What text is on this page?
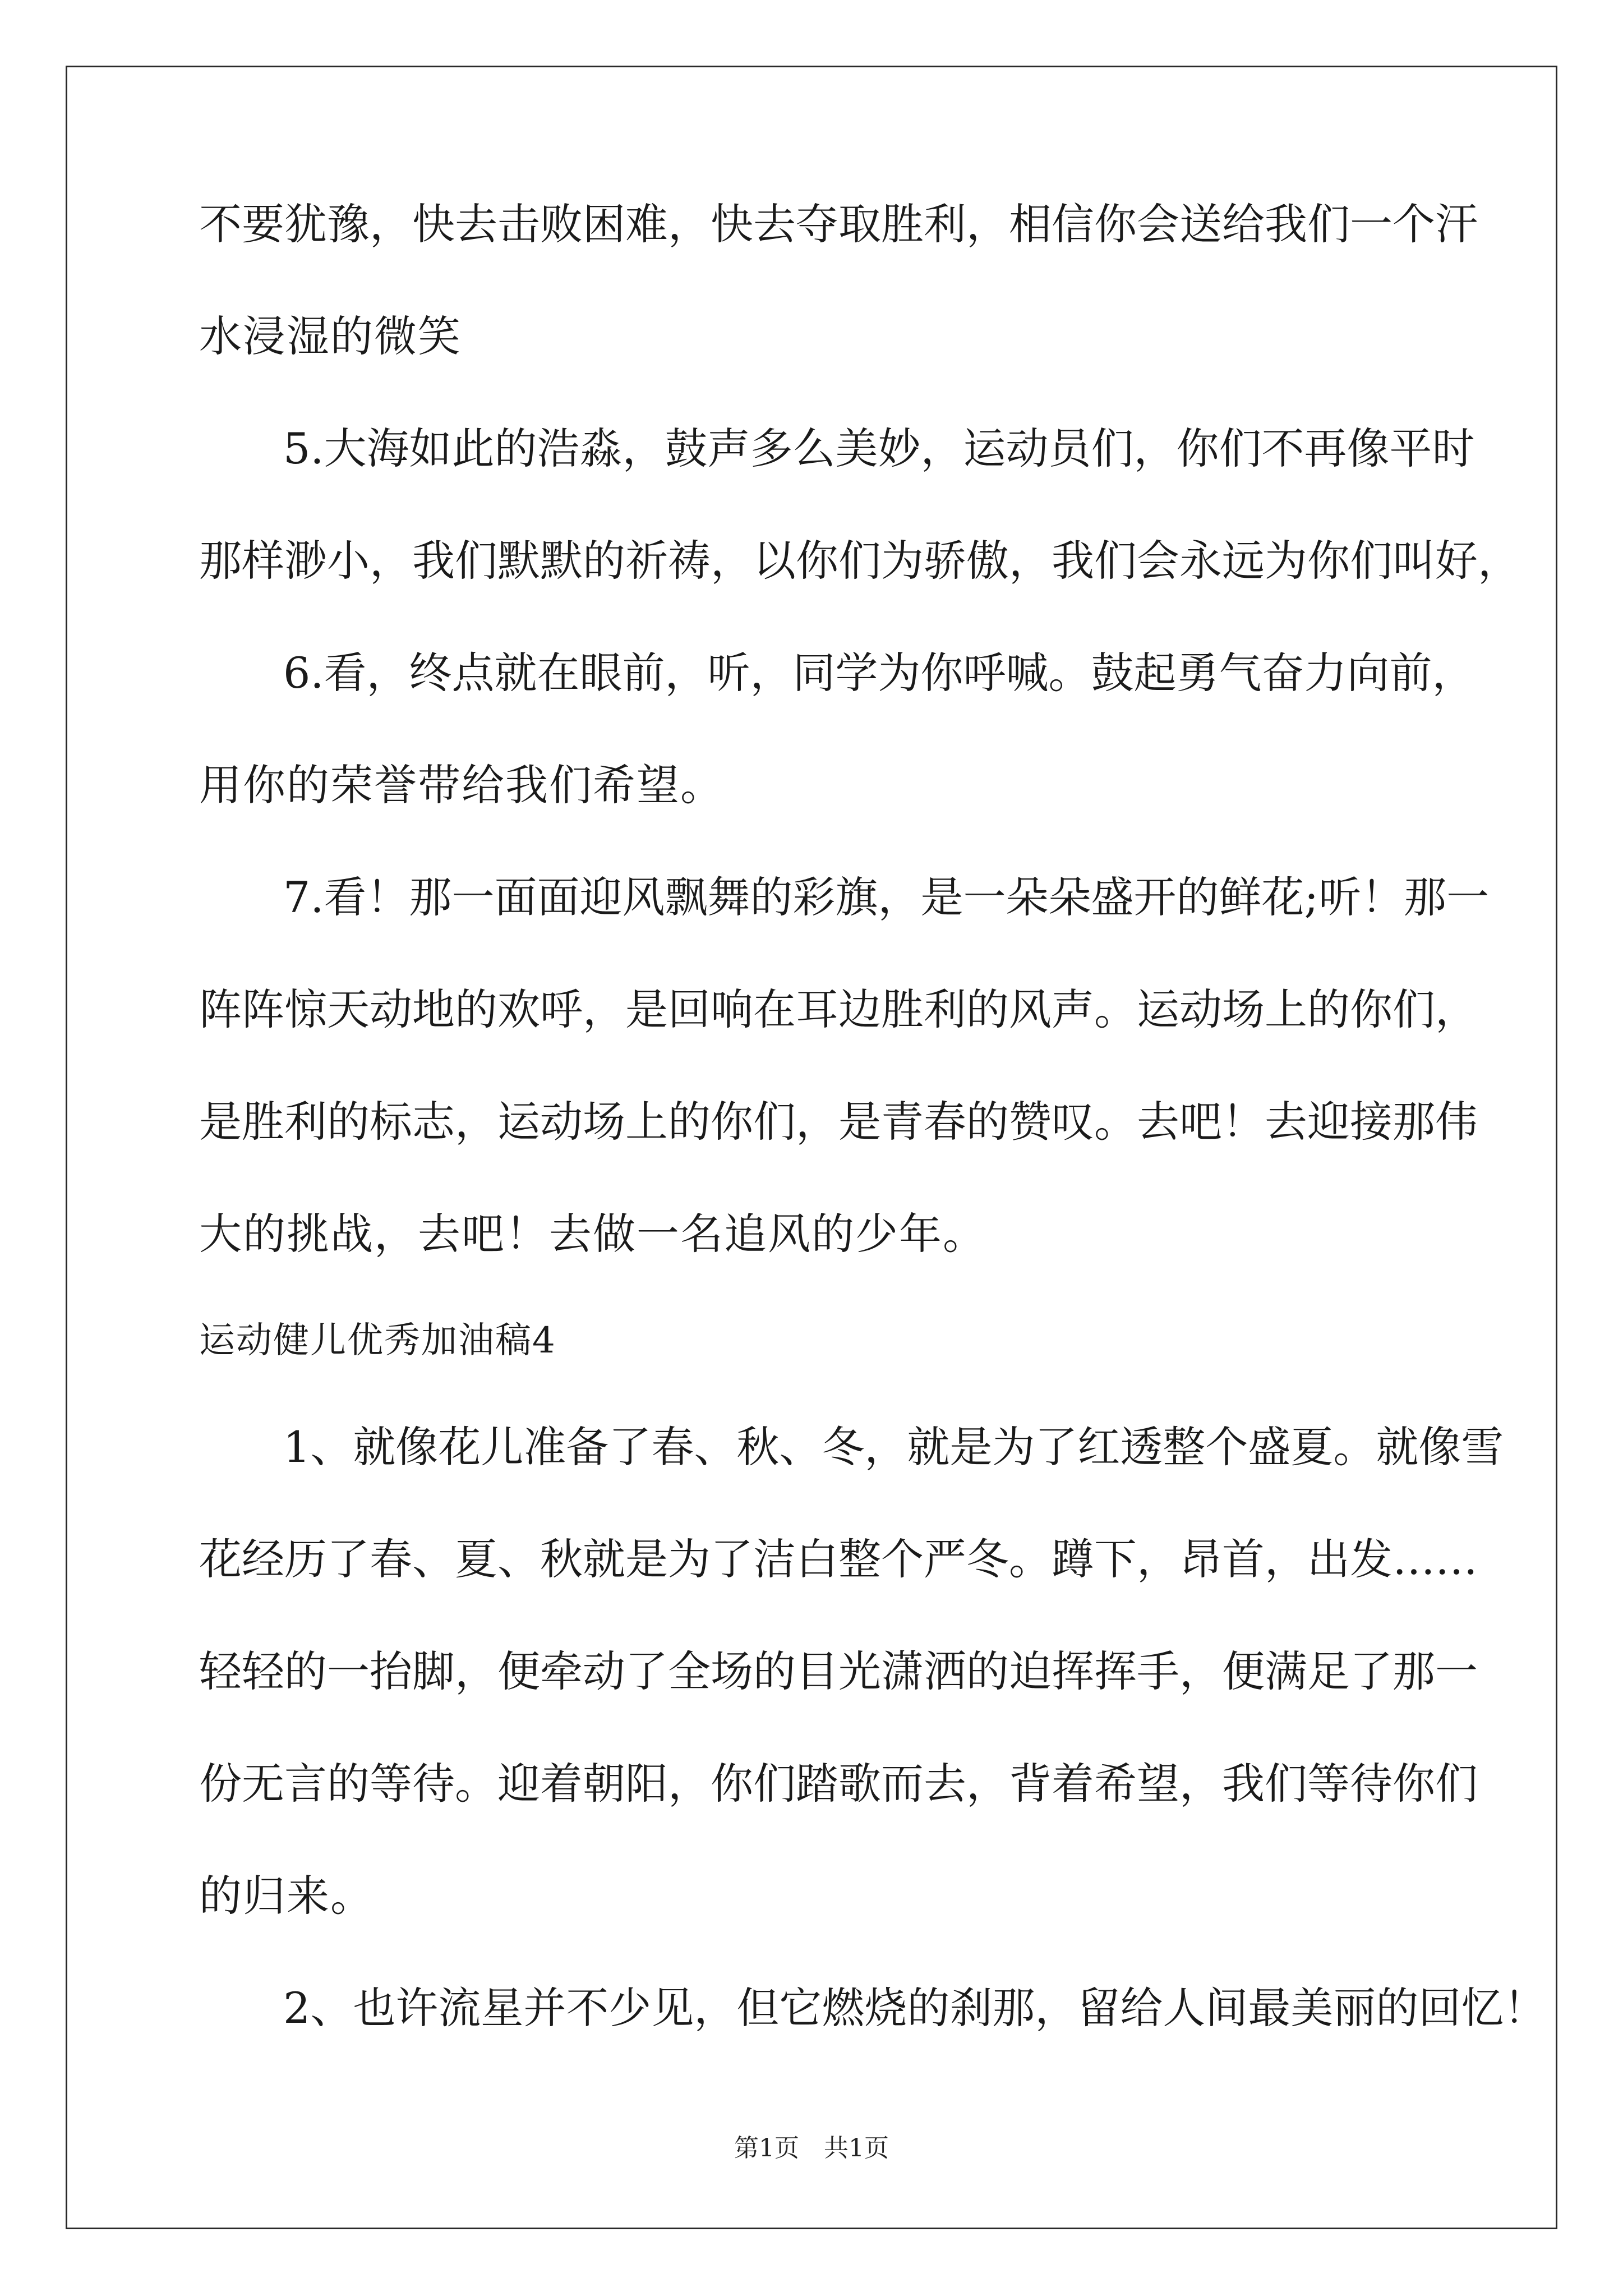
不要犹豫，快去击败困难，快去夺取胜利，相信你会送给我们一个汗
水浸湿的微笑
5.大海如此的浩淼，鼓声多么美妙，运动员们，你们不再像平时
那样渺小，我们默默的祈祷，以你们为骄傲，我们会永远为你们叫好，
6.看，终点就在眼前，听，同学为你呼喊。鼓起勇气奋力向前，
用你的荣誉带给我们希望。
7.看！那一面面迎风飘舞的彩旗，是一朵朵盛开的鲜花;听！那一
阵阵惊天动地的欢呼，是回响在耳边胜利的风声。运动场上的你们，
是胜利的标志，运动场上的你们，是青春的赞叹。去吧！去迎接那伟
大的挑战，去吧！去做一名追风的少年。
运动健儿优秀加油稿4
1、就像花儿准备了春、秋、冬，就是为了红透整个盛夏。就像雪
花经历了春、夏、秋就是为了洁白整个严冬。蹲下，昂首，出发……
轻轻的一抬脚，便牵动了全场的目光潇洒的迫挥挥手，便满足了那一
份无言的等待。迎着朝阳，你们踏歌而去，背着希望，我们等待你们
的归来。
2、也许流星并不少见，但它燃烧的刹那，留给人间最美丽的回忆！
第1页　共1页
